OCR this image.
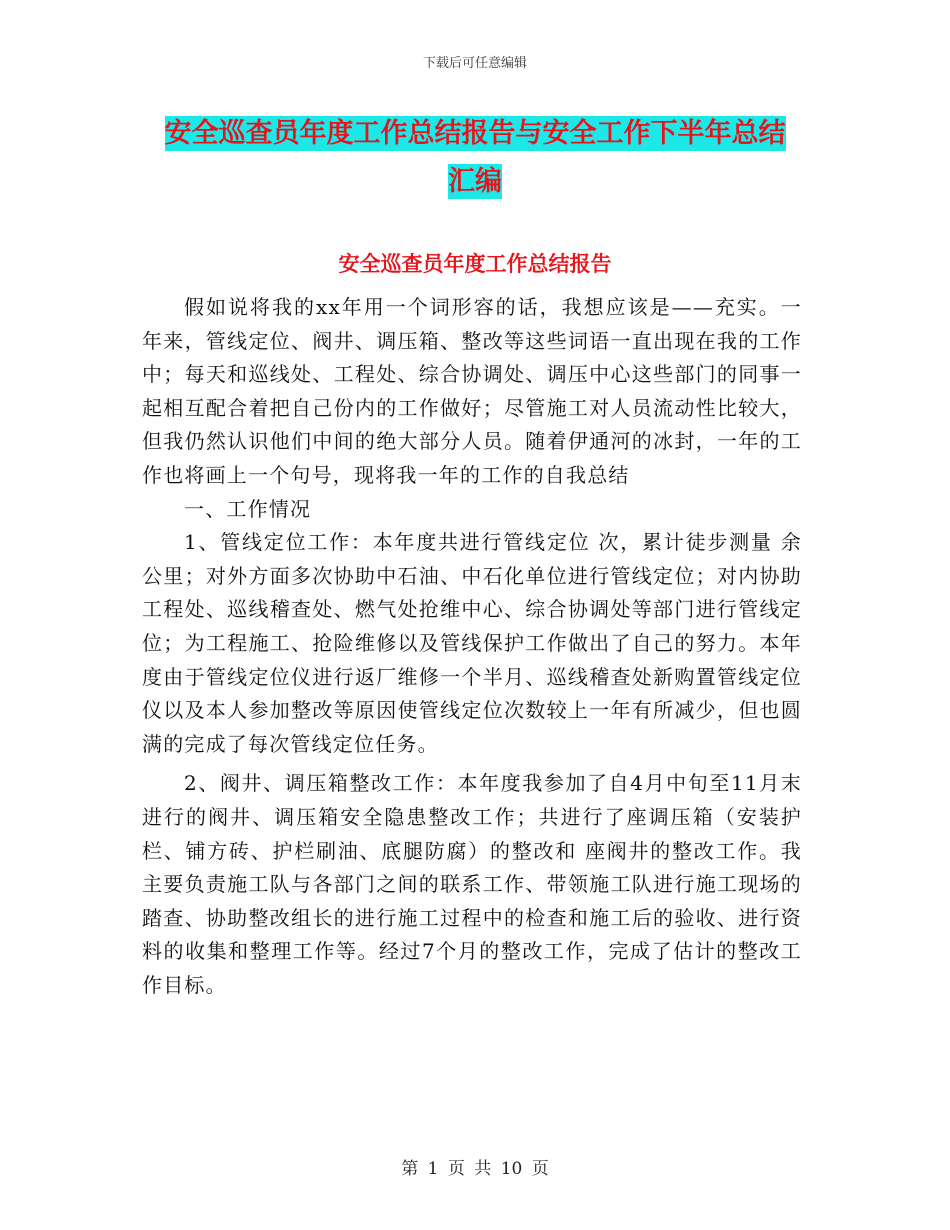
下载后可任意编辑
安全巡查员年度工作总结报告与安全工作下半年总结
汇编
安全巡查员年度工作总结报告

假如说将我的xx年用一个词形容的话，我想应该是——充实。一年来，管线定位、阀井、调压箱、整改等这些词语一直出现在我的工作中；每天和巡线处、工程处、综合协调处、调压中心这些部门的同事一起相互配合着把自己份内的工作做好；尽管施工对人员流动性比较大，但我仍然认识他们中间的绝大部分人员。随着伊通河的冰封，一年的工作也将画上一个句号，现将我一年的工作的自我总结

一、工作情况

1、管线定位工作：本年度共进行管线定位 次，累计徒步测量 余公里；对外方面多次协助中石油、中石化单位进行管线定位；对内协助工程处、巡线稽查处、燃气处抢维中心、综合协调处等部门进行管线定位；为工程施工、抢险维修以及管线保护工作做出了自己的努力。本年度由于管线定位仪进行返厂维修一个半月、巡线稽查处新购置管线定位仪以及本人参加整改等原因使管线定位次数较上一年有所减少，但也圆满的完成了每次管线定位任务。

2、阀井、调压箱整改工作：本年度我参加了自4月中旬至11月末进行的阀井、调压箱安全隐患整改工作；共进行了座调压箱（安装护栏、铺方砖、护栏刷油、底腿防腐）的整改和 座阀井的整改工作。我主要负责施工队与各部门之间的联系工作、带领施工队进行施工现场的踏查、协助整改组长的进行施工过程中的检查和施工后的验收、进行资料的收集和整理工作等。经过7个月的整改工作，完成了估计的整改工作目标。

第 1 页 共 10 页
